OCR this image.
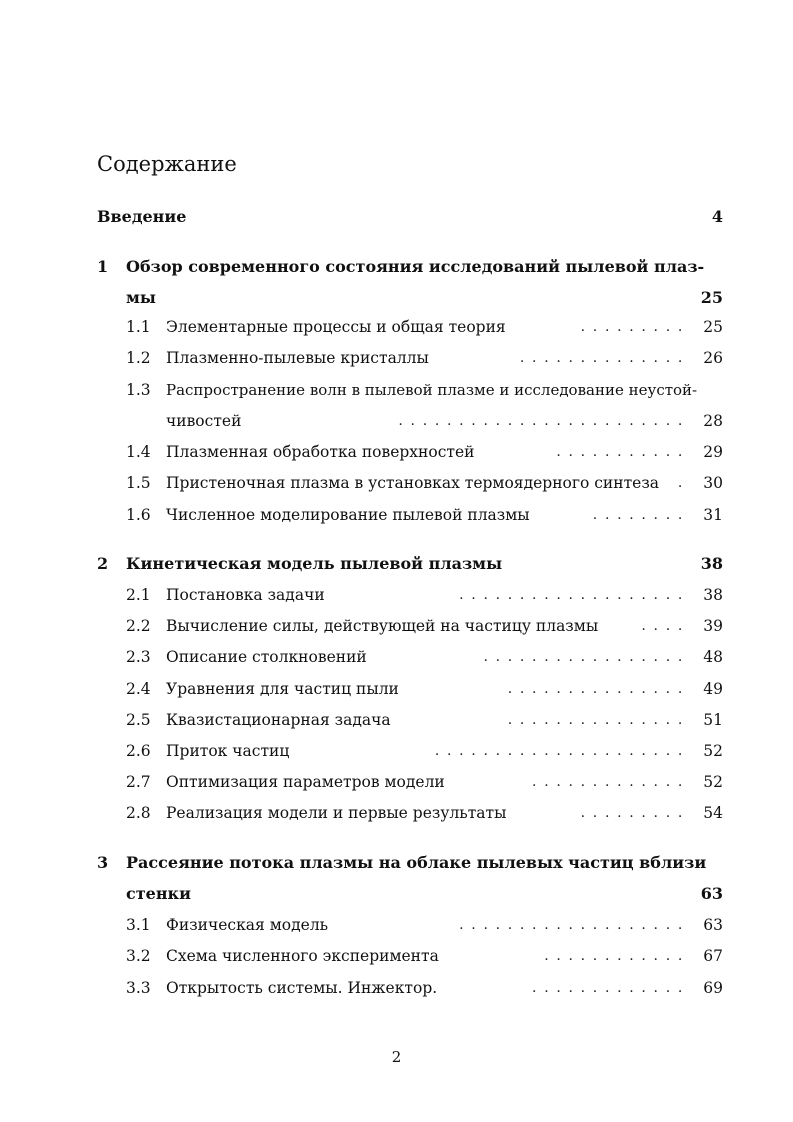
Содержание
Введение	4
1 Обзор современного состояния исследований пылевой плаз-
мы	25
1.1 Элементарные процессы и общая теория	......... 25
1.2 Плазменно-пылевые кристаллы	.............. 26
1.3 Распространение волн в пылевой плазме и исследование неустой-
чивостей	........................ 28
1.4 Плазменная обработка поверхностей	........... 29
1.5 Пристеночная плазма в установках термоядерного синтеза	. 30
1.6 Численное моделирование пылевой плазмы	........ 31
2 Кинетическая модель пылевой плазмы	38
2.1 Постановка задачи	................... 38
2.2 Вычисление силы, действующей на частицу плазмы	.... 39
2.3 Описание столкновений	................. 48
2.4 Уравнения для частиц пыли	............... 49
2.5 Квазистационарная задача	............... 51
2.6 Приток частиц	..................... 52
2.7 Оптимизация параметров модели	............. 52
2.8 Реализация модели и первые результаты	......... 54
3 Рассеяние потока плазмы на облаке пылевых частиц вблизи
стенки	63
3.1 Физическая модель	................... 63
3.2 Схема численного эксперимента	............ 67
3.3 Открытость системы. Инжектор.	............. 69
2
